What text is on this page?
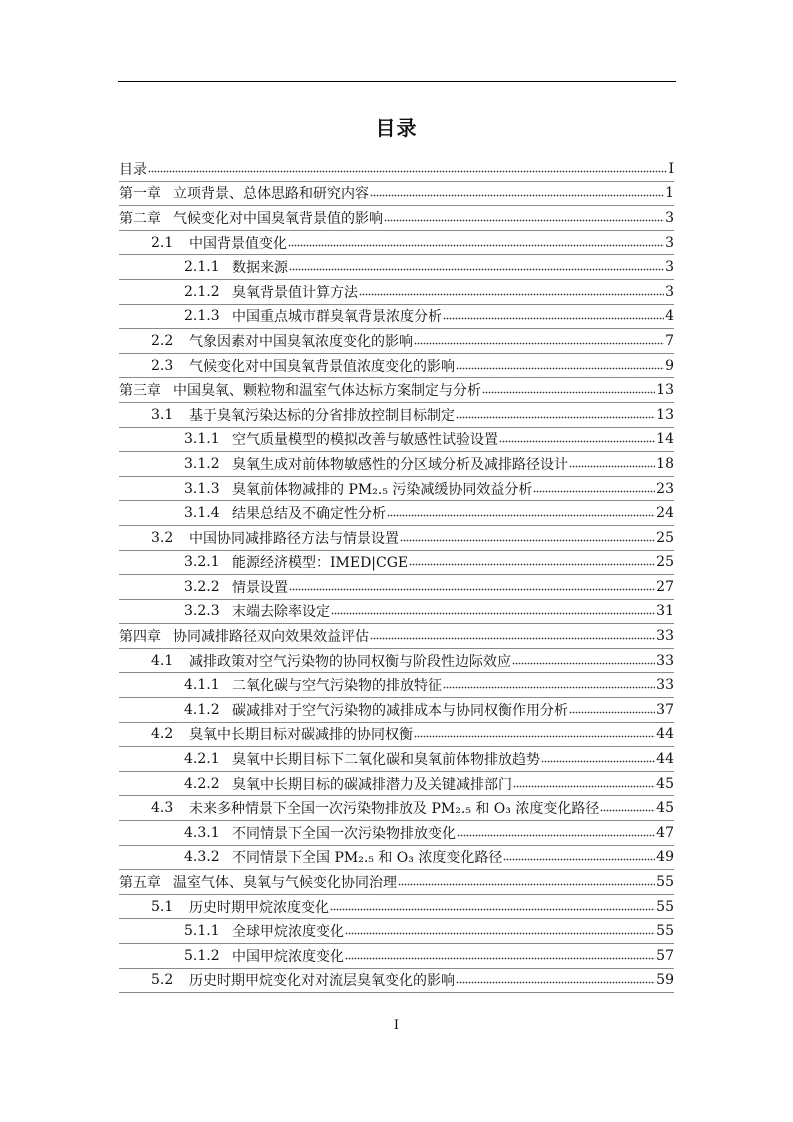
目录
目录	I
第一章 立项背景、总体思路和研究内容	1
第二章 气候变化对中国臭氧背景值的影响	3
2.1	中国背景值变化	3
2.1.1 数据来源	3
2.1.2 臭氧背景值计算方法	3
2.1.3 中国重点城市群臭氧背景浓度分析	4
2.2	气象因素对中国臭氧浓度变化的影响	7
2.3	气候变化对中国臭氧背景值浓度变化的影响	9
第三章 中国臭氧、颗粒物和温室气体达标方案制定与分析	13
3.1	基于臭氧污染达标的分省排放控制目标制定	13
3.1.1 空气质量模型的模拟改善与敏感性试验设置	14
3.1.2 臭氧生成对前体物敏感性的分区域分析及减排路径设计	18
3.1.3 臭氧前体物减排的 PM₂.₅ 污染减缓协同效益分析	23
3.1.4 结果总结及不确定性分析	24
3.2	中国协同减排路径方法与情景设置	25
3.2.1 能源经济模型：IMED|CGE	25
3.2.2 情景设置	27
3.2.3 末端去除率设定	31
第四章 协同减排路径双向效果效益评估	33
4.1	减排政策对空气污染物的协同权衡与阶段性边际效应	33
4.1.1 二氧化碳与空气污染物的排放特征	33
4.1.2 碳减排对于空气污染物的减排成本与协同权衡作用分析	37
4.2	臭氧中长期目标对碳减排的协同权衡	44
4.2.1 臭氧中长期目标下二氧化碳和臭氧前体物排放趋势	44
4.2.2 臭氧中长期目标的碳减排潜力及关键减排部门	45
4.3	未来多种情景下全国一次污染物排放及 PM₂.₅ 和 O₃ 浓度变化路径	45
4.3.1 不同情景下全国一次污染物排放变化	47
4.3.2 不同情景下全国 PM₂.₅ 和 O₃ 浓度变化路径	49
第五章 温室气体、臭氧与气候变化协同治理	55
5.1	历史时期甲烷浓度变化	55
5.1.1 全球甲烷浓度变化	55
5.1.2 中国甲烷浓度变化	57
5.2	历史时期甲烷变化对对流层臭氧变化的影响	59
I
